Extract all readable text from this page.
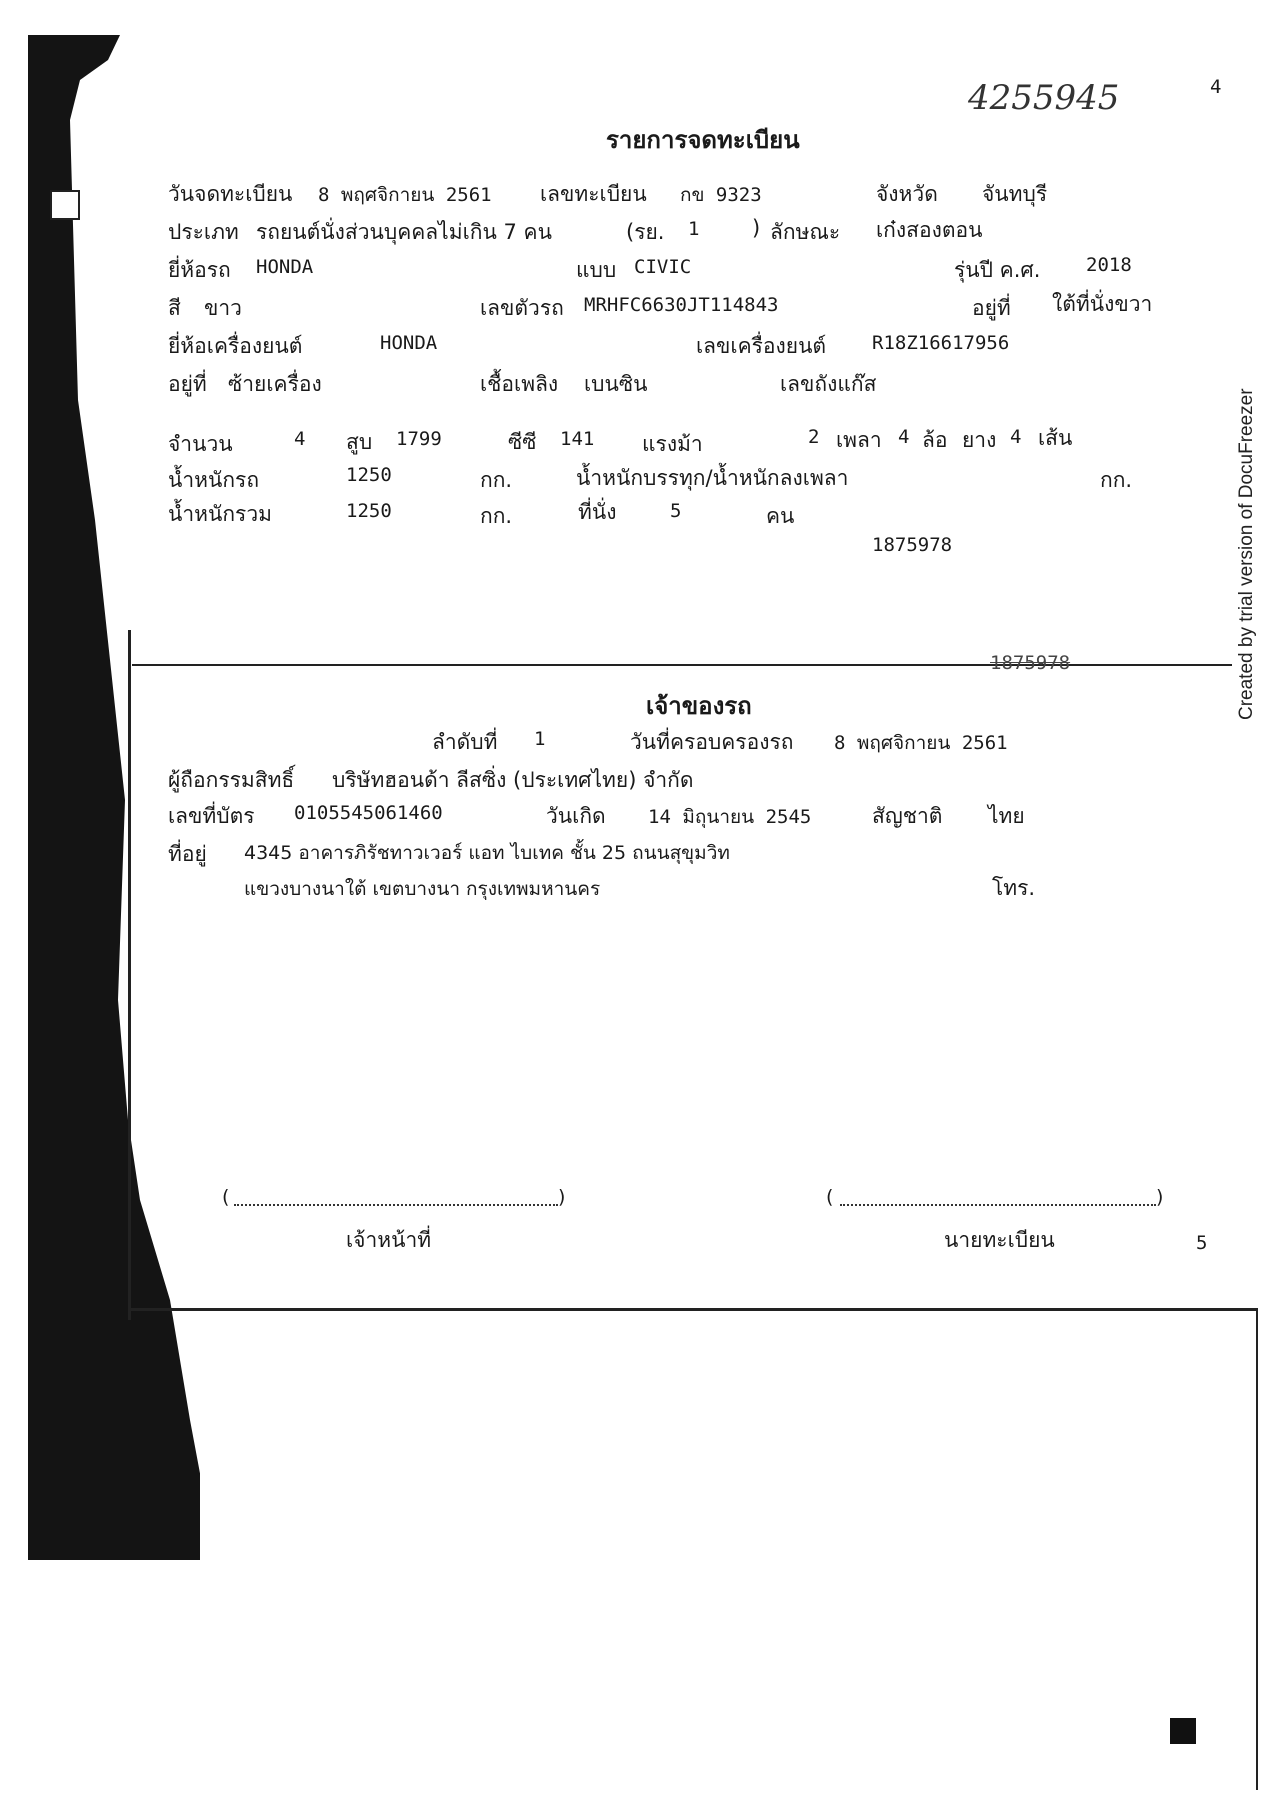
4255945	4
5
Created by trial version of DocuFreezer
รายการจดทะเบียน
วันจดทะเบียน 8 พฤศจิกายน 2561 เลขทะเบียน กข 9323	จังหวัด จันทบุรี
ประเภท รถยนต์นั่งส่วนบุคคลไม่เกิน 7 คน	(รย. 1	) ลักษณะ เก๋งสองตอน
ยี่ห้อรถ HONDA	แบบ CIVIC	รุ่นปี ค.ศ. 2018
สี ขาว	เลขตัวรถ MRHFC6630JT114843	อยู่ที่ ใต้ที่นั่งขวา
ยี่ห้อเครื่องยนต์	HONDA	เลขเครื่องยนต์ R18Z16617956
อยู่ที่ ซ้ายเครื่อง	เชื้อเพลิง เบนซิน	เลขถังแก๊ส
จำนวน	4 สูบ 1799	ซีซี 141 แรงม้า	2 เพลา 4 ล้อ ยาง 4 เส้น
น้ำหนักรถ	1250	กก.	น้ำหนักบรรทุก/น้ำหนักลงเพลา	กก.
น้ำหนักรวม	1250	กก.	ที่นั่ง	5	คน
1875978
1875978
เจ้าของรถ
ลำดับที่ 1	วันที่ครอบครองรถ 8 พฤศจิกายน 2561
ผู้ถือกรรมสิทธิ์ บริษัทฮอนด้า ลีสซิ่ง (ประเทศไทย) จำกัด
เลขที่บัตร 0105545061460	วันเกิด 14 มิถุนายน 2545	สัญชาติ ไทย
ที่อยู่ 4345 อาคารภิรัชทาวเวอร์ แอท ไบเทค ชั้น 25 ถนนสุขุมวิท
แขวงบางนาใต้ เขตบางนา กรุงเทพมหานคร	โทร.
(	)
เจ้าหน้าที่
(	)
นายทะเบียน
